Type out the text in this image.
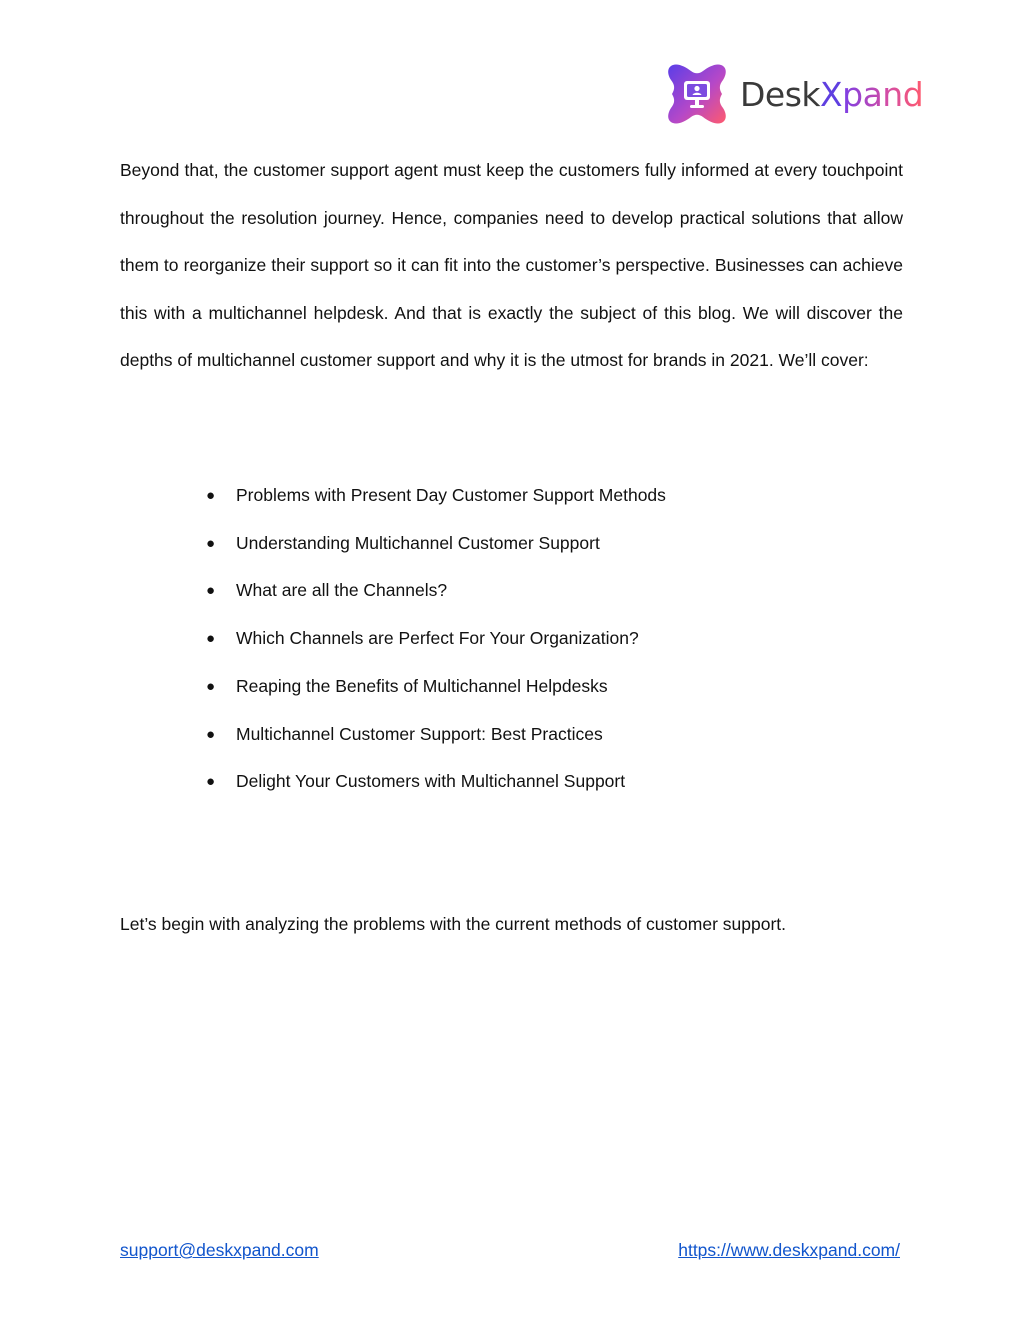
DeskXpand

Beyond that, the customer support agent must keep the customers fully informed at every touchpoint throughout the resolution journey. Hence, companies need to develop practical solutions that allow them to reorganize their support so it can fit into the customer’s perspective. Businesses can achieve this with a multichannel helpdesk. And that is exactly the subject of this blog. We will discover the depths of multichannel customer support and why it is the utmost for brands in 2021. We’ll cover:

● Problems with Present Day Customer Support Methods
● Understanding Multichannel Customer Support
● What are all the Channels?
● Which Channels are Perfect For Your Organization?
● Reaping the Benefits of Multichannel Helpdesks
● Multichannel Customer Support: Best Practices
● Delight Your Customers with Multichannel Support

Let’s begin with analyzing the problems with the current methods of customer support.

support@deskxpand.com	https://www.deskxpand.com/
